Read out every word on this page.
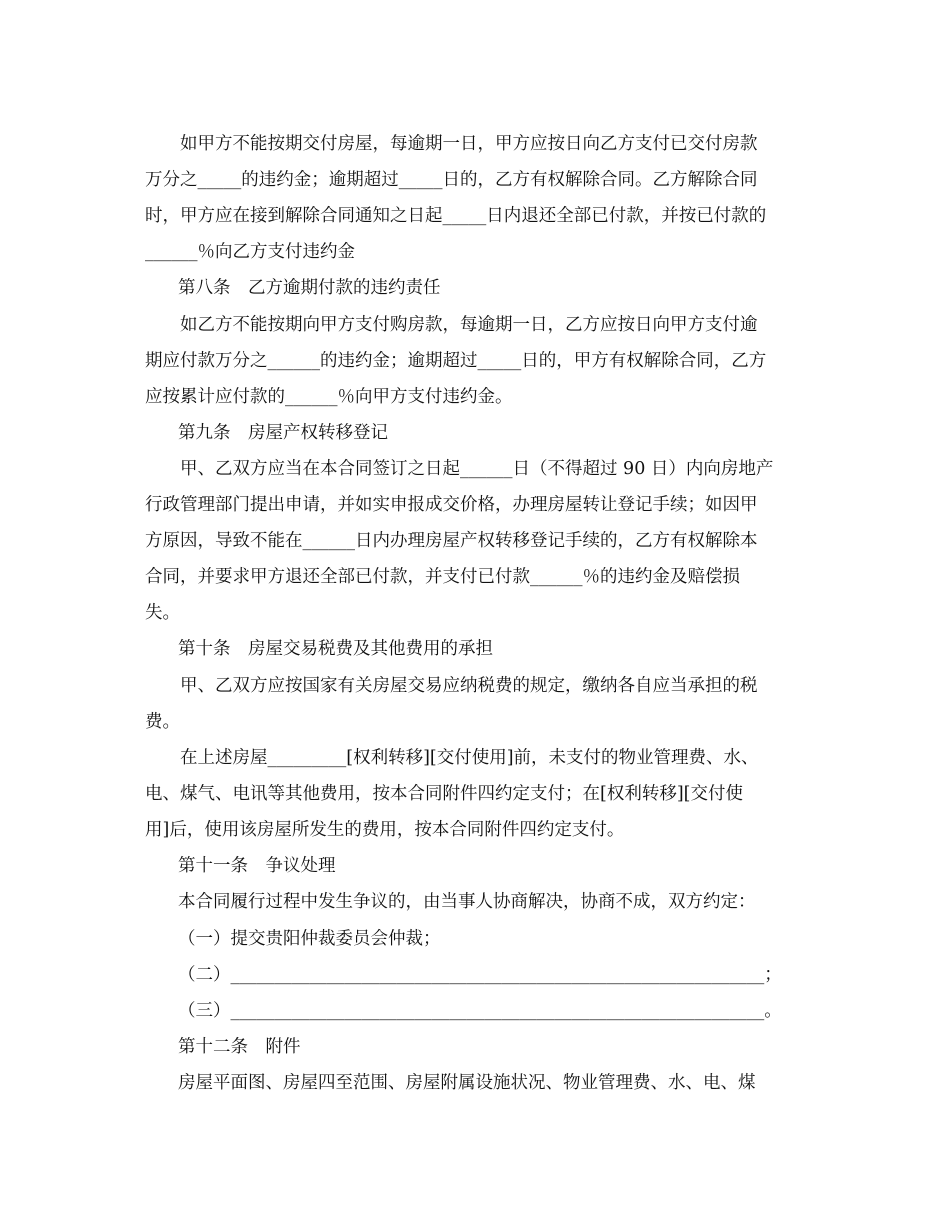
如甲方不能按期交付房屋，每逾期一日，甲方应按日向乙方支付已交付房款
万分之_____的违约金；逾期超过_____日的，乙方有权解除合同。乙方解除合同
时，甲方应在接到解除合同通知之日起_____日内退还全部已付款，并按已付款的
______％向乙方支付违约金
第八条　乙方逾期付款的违约责任
如乙方不能按期向甲方支付购房款，每逾期一日，乙方应按日向甲方支付逾
期应付款万分之______的违约金；逾期超过_____日的，甲方有权解除合同，乙方
应按累计应付款的______％向甲方支付违约金。
第九条　房屋产权转移登记
甲、乙双方应当在本合同签订之日起______日（不得超过 90 日）内向房地产
行政管理部门提出申请，并如实申报成交价格，办理房屋转让登记手续；如因甲
方原因，导致不能在______日内办理房屋产权转移登记手续的，乙方有权解除本
合同，并要求甲方退还全部已付款，并支付已付款______％的违约金及赔偿损
失。
第十条　房屋交易税费及其他费用的承担
甲、乙双方应按国家有关房屋交易应纳税费的规定，缴纳各自应当承担的税
费。
在上述房屋_________[权利转移][交付使用]前，未支付的物业管理费、水、
电、煤气、电讯等其他费用，按本合同附件四约定支付；在[权利转移][交付使
用]后，使用该房屋所发生的费用，按本合同附件四约定支付。
第十一条　争议处理
本合同履行过程中发生争议的，由当事人协商解决，协商不成，双方约定：
（一）提交贵阳仲裁委员会仲裁；
（二）_____________________________________________________________；
（三）_____________________________________________________________。
第十二条　附件
房屋平面图、房屋四至范围、房屋附属设施状况、物业管理费、水、电、煤
